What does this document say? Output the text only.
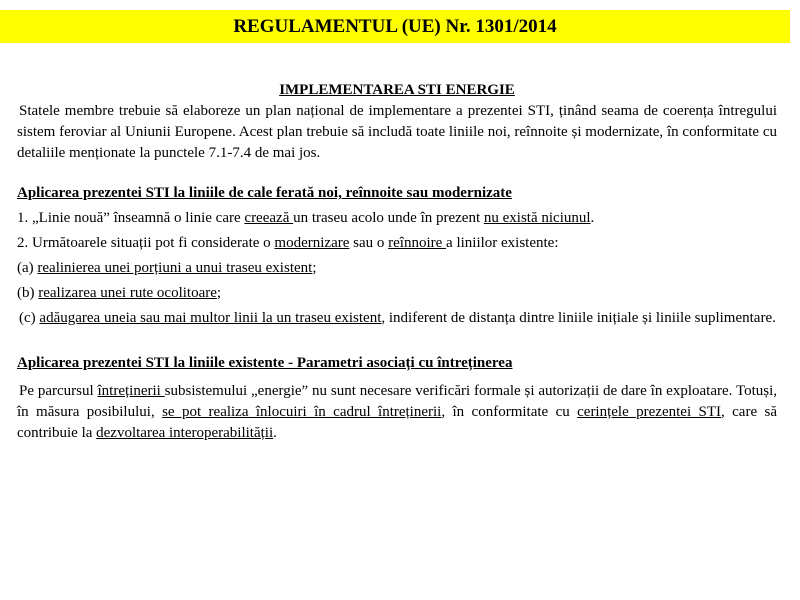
REGULAMENTUL (UE) Nr. 1301/2014
IMPLEMENTAREA STI ENERGIE
Statele membre trebuie să elaboreze un plan național de implementare a prezentei STI, ținând seama de coerența întregului sistem feroviar al Uniunii Europene. Acest plan trebuie să includă toate liniile noi, reînnoite și modernizate, în conformitate cu detaliile menționate la punctele 7.1-7.4 de mai jos.
Aplicarea prezentei STI la liniile de cale ferată noi, reînnoite sau modernizate
1. „Linie nouă” înseamnă o linie care creează un traseu acolo unde în prezent nu există niciunul.
2. Următoarele situații pot fi considerate o modernizare sau o reînnoire a liniilor existente:
(a) realinierea unei porțiuni a unui traseu existent;
(b) realizarea unei rute ocolitoare;
(c) adăugarea uneia sau mai multor linii la un traseu existent, indiferent de distanța dintre liniile inițiale și liniile suplimentare.
Aplicarea prezentei STI la liniile existente - Parametri asociați cu întreținerea
Pe parcursul întreținerii subsistemului „energie” nu sunt necesare verificări formale și autorizații de dare în exploatare. Totuși, în măsura posibilului, se pot realiza înlocuiri în cadrul întreținerii, în conformitate cu cerințele prezentei STI, care să contribuie la dezvoltarea interoperabilității.
